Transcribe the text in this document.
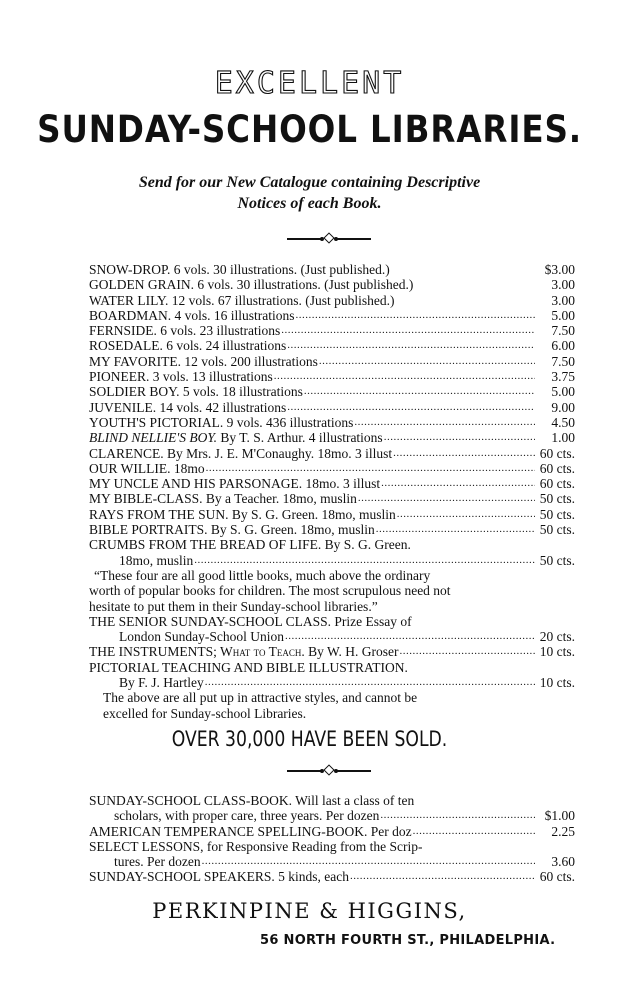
EXCELLENT
SUNDAY-SCHOOL LIBRARIES.
Send for our New Catalogue containing Descriptive
Notices of each Book.
SNOW-DROP. 6 vols. 30 illustrations. (Just published.)	$3.00
GOLDEN GRAIN. 6 vols. 30 illustrations. (Just published.)	3.00
WATER LILY. 12 vols. 67 illustrations. (Just published.)	3.00
BOARDMAN. 4 vols. 16 illustrations .....	5.00
FERNSIDE. 6 vols. 23 illustrations .....	7.50
ROSEDALE. 6 vols. 24 illustrations .....	6.00
MY FAVORITE. 12 vols. 200 illustrations .....	7.50
PIONEER. 3 vols. 13 illustrations .....	3.75
SOLDIER BOY. 5 vols. 18 illustrations .....	5.00
JUVENILE. 14 vols. 42 illustrations .....	9.00
YOUTH'S PICTORIAL. 9 vols. 436 illustrations .....	4.50
BLIND NELLIE'S BOY. By T. S. Arthur. 4 illustrations .....	1.00
CLARENCE. By Mrs. J. E. M'Conaughy. 18mo. 3 illust .....	60 cts.
OUR WILLIE. 18mo .....	60 cts.
MY UNCLE AND HIS PARSONAGE. 18mo. 3 illust .....	60 cts.
MY BIBLE-CLASS. By a Teacher. 18mo, muslin .....	50 cts.
RAYS FROM THE SUN. By S. G. Green. 18mo, muslin .....	50 cts.
BIBLE PORTRAITS. By S. G. Green. 18mo, muslin .....	50 cts.
CRUMBS FROM THE BREAD OF LIFE. By S. G. Green.
18mo, muslin .....	50 cts.
“These four are all good little books, much above the ordinary
worth of popular books for children. The most scrupulous need not
hesitate to put them in their Sunday-school libraries.”
THE SENIOR SUNDAY-SCHOOL CLASS. Prize Essay of
London Sunday-School Union .....	20 cts.
THE INSTRUMENTS; What to Teach. By W. H. Groser .....	10 cts.
PICTORIAL TEACHING AND BIBLE ILLUSTRATION.
By F. J. Hartley .....	10 cts.
The above are all put up in attractive styles, and cannot be
excelled for Sunday-school Libraries.
OVER 30,000 HAVE BEEN SOLD.
SUNDAY-SCHOOL CLASS-BOOK. Will last a class of ten
scholars, with proper care, three years. Per dozen .....	$1.00
AMERICAN TEMPERANCE SPELLING-BOOK. Per doz .....	2.25
SELECT LESSONS, for Responsive Reading from the Scrip-
tures. Per dozen .....	3.60
SUNDAY-SCHOOL SPEAKERS. 5 kinds, each .....	60 cts.
PERKINPINE & HIGGINS,
56 NORTH FOURTH ST., PHILADELPHIA.
